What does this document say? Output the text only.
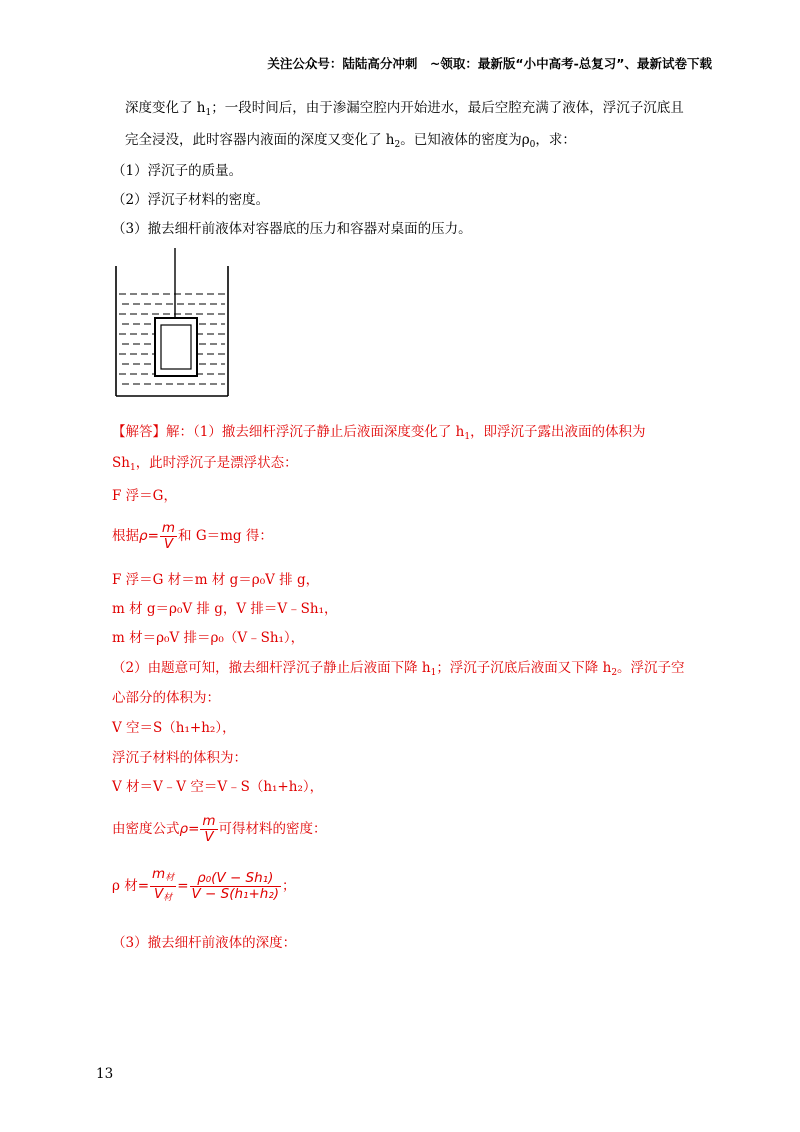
关注公众号：陆陆高分冲刺　~领取：最新版“小中高考-总复习”、最新试卷下载
深度变化了 $h_1$；一段时间后，由于渗漏空腔内开始进水，最后空腔充满了液体，浮沉子沉底且
完全浸没，此时容器内液面的深度又变化了 $h_2$。已知液体的密度为$\rho_0$，求：
（1）浮沉子的质量。
（2）浮沉子材料的密度。
（3）撤去细杆前液体对容器底的压力和容器对桌面的压力。
【解答】解：（1）撤去细杆浮沉子静止后液面深度变化了 $h_1$，即浮沉子露出液面的体积为
$Sh_1$，此时浮沉子是漂浮状态：
F 浮＝G，
根据$\rho= \frac{m}{V}$ 和 G＝mg 得：
F 浮＝G 材＝m 材 g＝ρ₀V 排 g，
m 材 g＝ρ₀V 排 g，V 排＝V﹣Sh₁，
m 材＝ρ₀V 排＝ρ₀（V﹣Sh₁），
（2）由题意可知，撤去细杆浮沉子静止后液面下降 $h_1$；浮沉子沉底后液面又下降 $h_2$。浮沉子空
心部分的体积为：
V 空＝S（h₁+h₂），
浮沉子材料的体积为：
V 材＝V﹣V 空＝V﹣S（h₁+h₂），
由密度公式$\rho= \frac{m}{V}$ 可得材料的密度：
ρ 材= $\frac{\text{m材}}{\text{V材}} = \frac{\text{ρ₀(V − Sh₁)}}{\text{V − S(h₁+h₂)}}$ ；
（3）撤去细杆前液体的深度：
13
